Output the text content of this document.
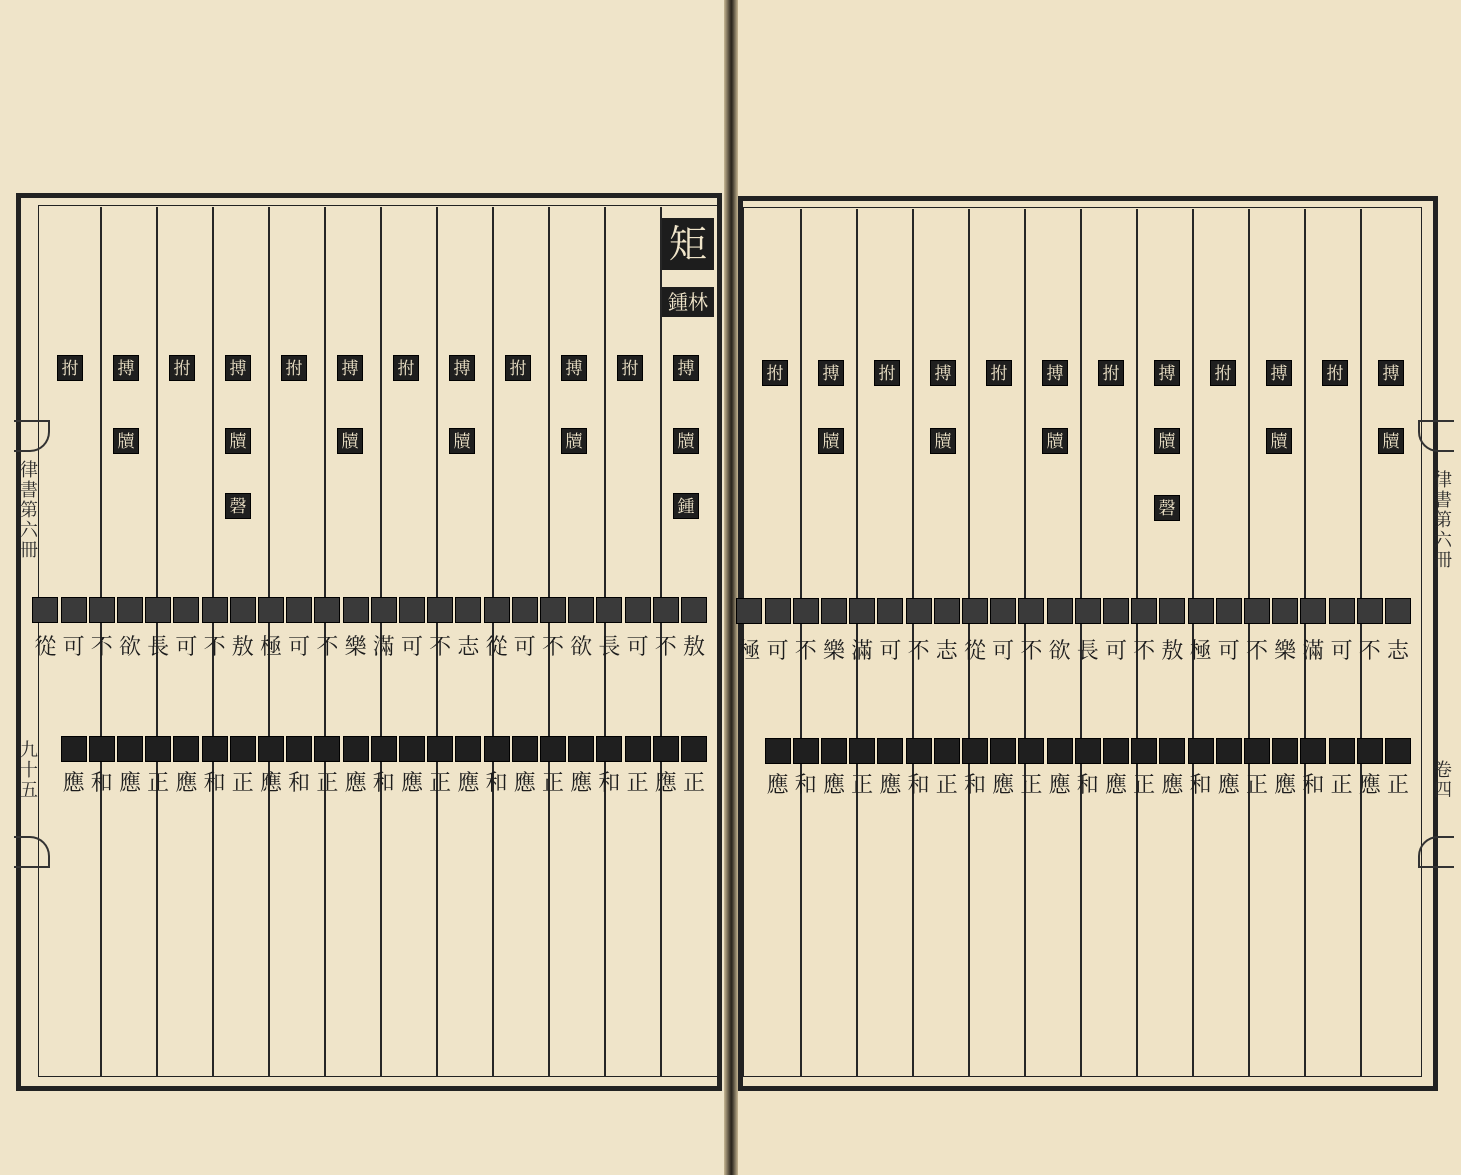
矩
鍾林
律書第六冊
九十五
律書第六冊
卷四
搏
拊
搏
拊
搏
拊
搏
拊
搏
拊
搏
拊	搏
拊
搏
拊
搏
拊
搏
拊
搏
拊
搏
拊
牘
牘
牘
牘
牘
牘	牘
牘
牘
牘
牘
牘
鍾
磬	磬
敖
不
可
長
欲
不
可
從
志
不
可
滿
樂
不
可
極
敖
不
可
長
欲
不
可
從	志
不
可
滿
樂
不
可
極
敖
不
可
長
欲
不
可
從
志
不
可
滿
樂
不
可
極
正
應
正
和
應
正
應
和
應
正
應
和
應
正
和
應
正
和
應
正
應
和
應	正
應
正
和
應
正
應
和
應
正
應
和
應
正
應
和
正
和
應
正
應
和
應
